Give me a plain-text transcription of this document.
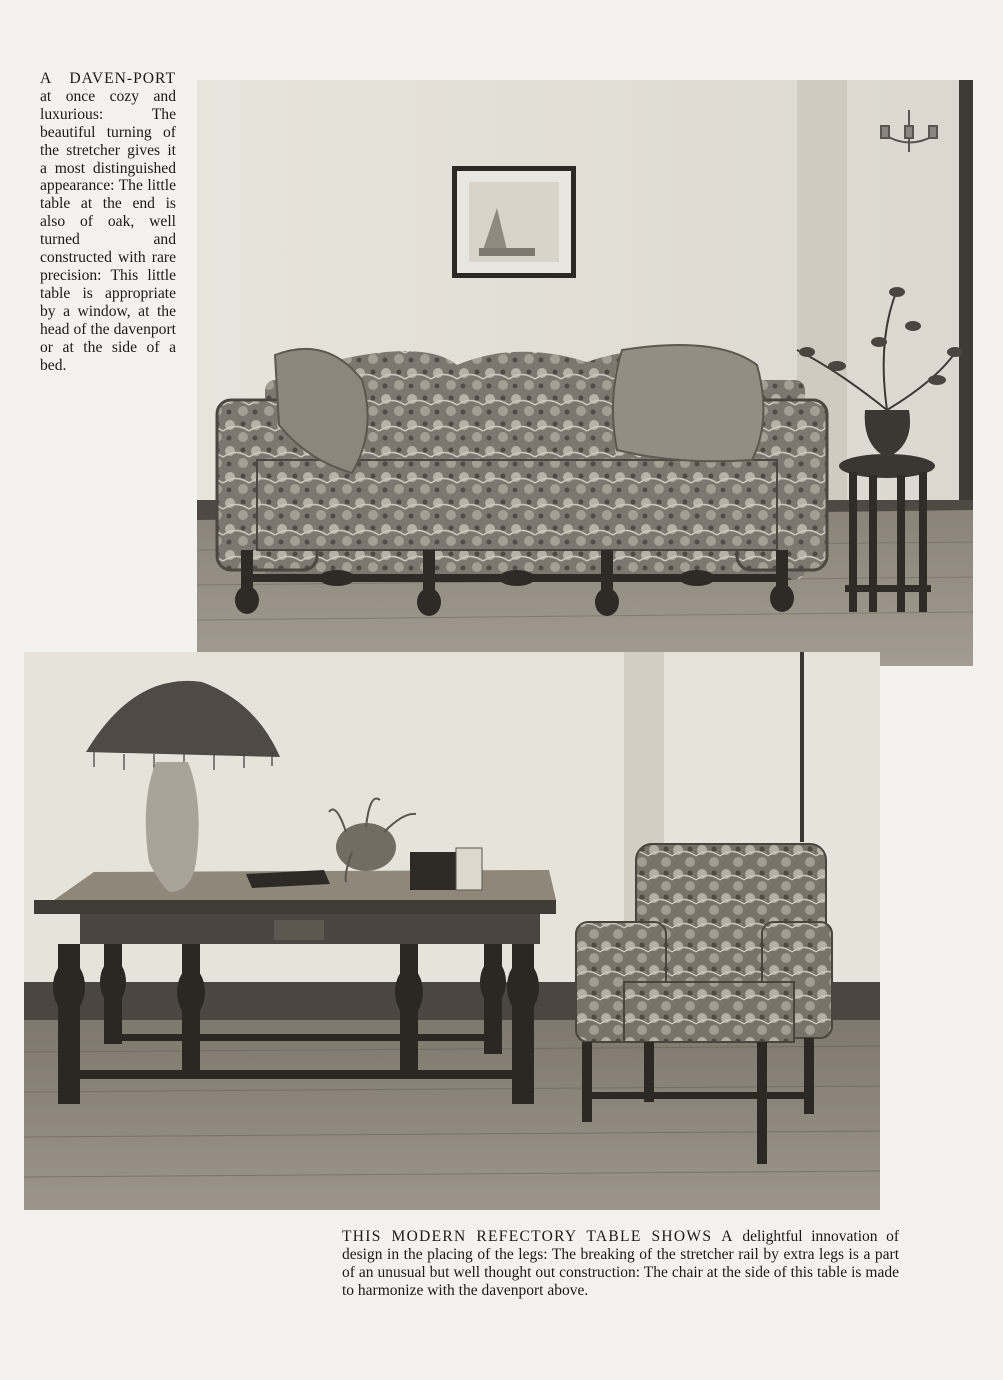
A DAVEN-PORT at once cozy and luxurious: The beautiful turning of the stretcher gives it a most distinguished appearance: The little table at the end is also of oak, well turned and constructed with rare precision: This little table is appropriate by a window, at the head of the davenport or at the side of a bed.

THIS MODERN REFECTORY TABLE SHOWS A delightful innovation of design in the placing of the legs: The breaking of the stretcher rail by extra legs is a part of an unusual but well thought out construction: The chair at the side of this table is made to harmonize with the davenport above.
